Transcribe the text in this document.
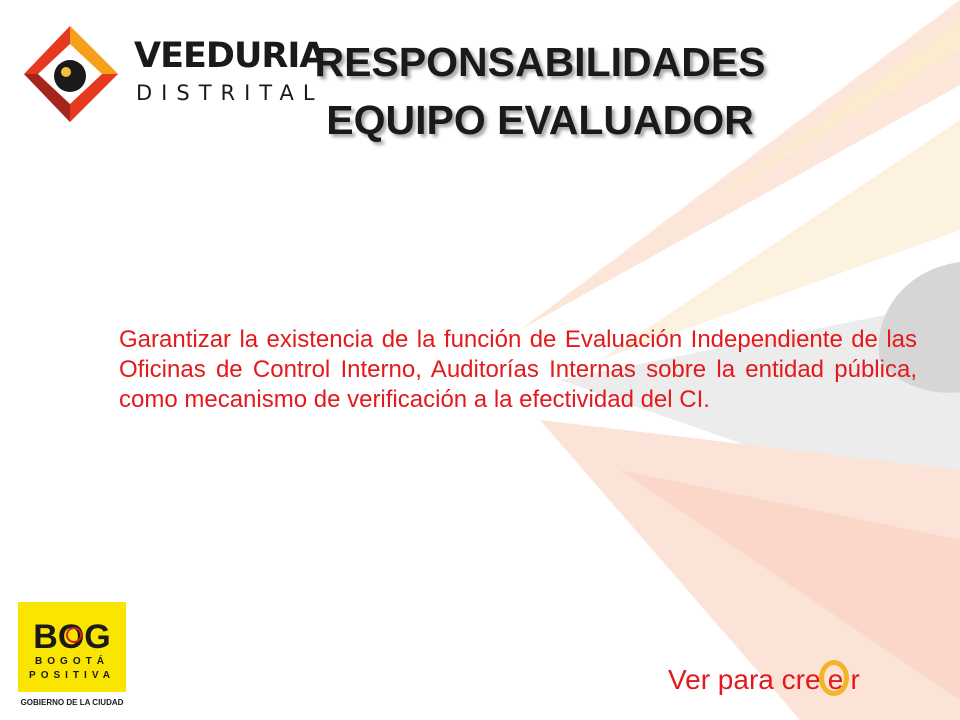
VEEDURIA
DISTRITAL
RESPONSABILIDADES
EQUIPO EVALUADOR
Garantizar la existencia de la función de Evaluación Independiente de las Oficinas de Control Interno, Auditorías Internas sobre la entidad pública, como mecanismo de verificación a la efectividad del CI.
BOG
BOGOTÁ
POSITIVA
GOBIERNO DE LA CIUDAD
Ver para cre e r
